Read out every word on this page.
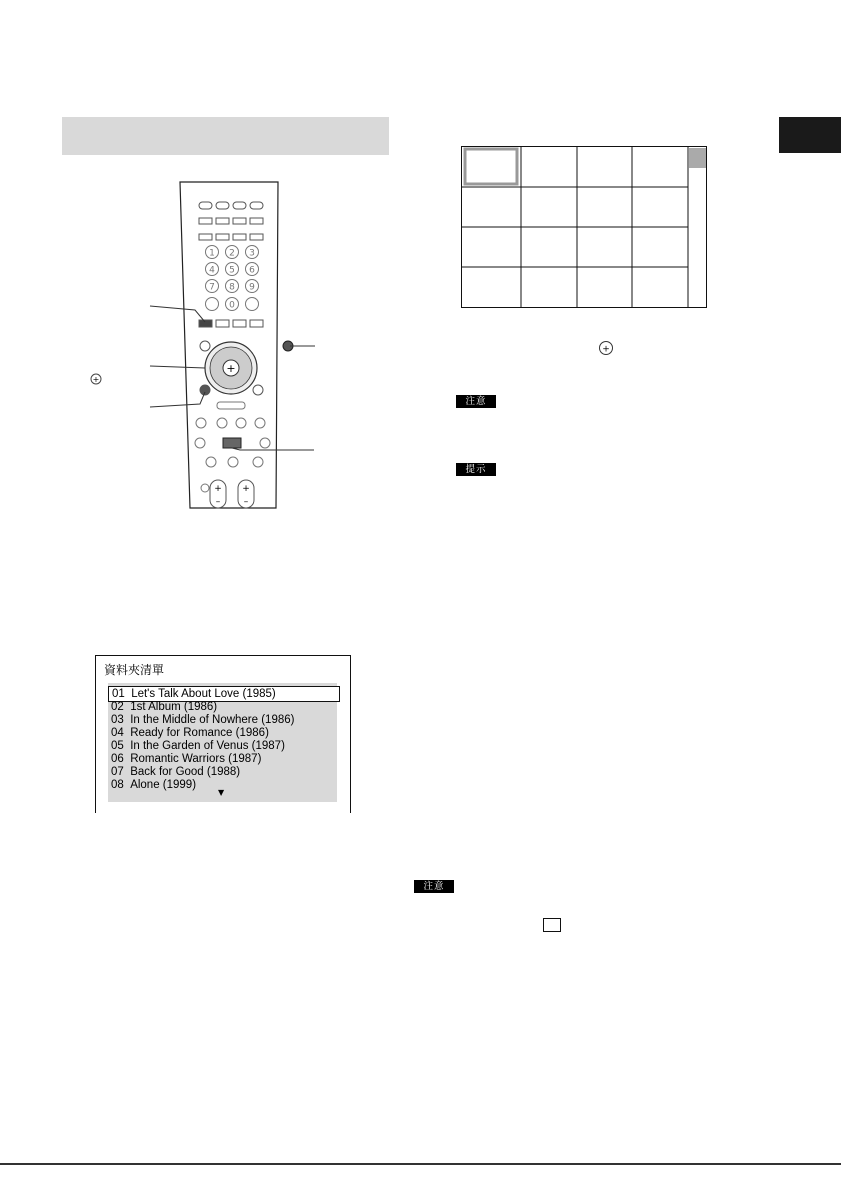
1 2 3
4 5 6
7 8 9
0
+
+ +
–	–
+
+
注意
提示
注意
資料夾清單
01 Let's Talk About Love (1985)
02 1st Album (1986)
03 In the Middle of Nowhere (1986)
04 Ready for Romance (1986)
05 In the Garden of Venus (1987)
06 Romantic Warriors (1987)
07 Back for Good (1988)
08 Alone (1999)
▼
